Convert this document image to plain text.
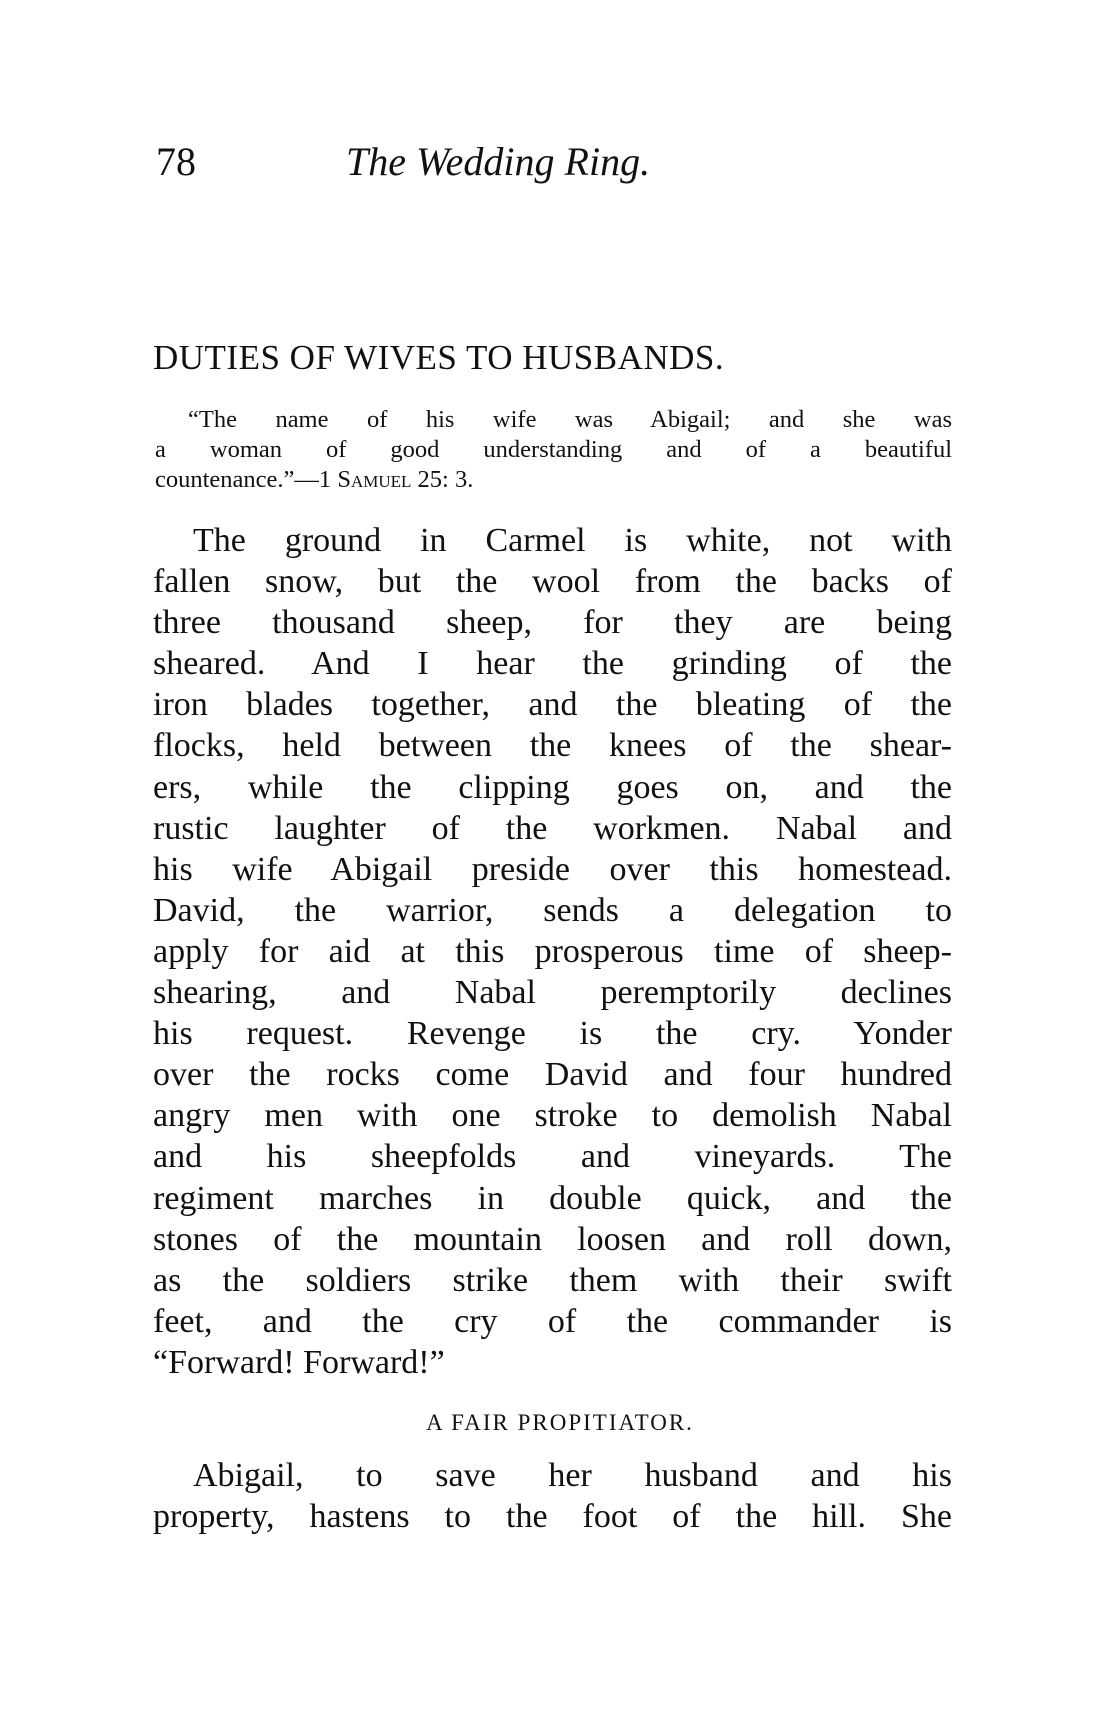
78	The Wedding Ring.
DUTIES OF WIVES TO HUSBANDS.
“The name of his wife was Abigail; and she was
a woman of good understanding and of a beautiful
countenance.”—1 Samuel 25: 3.
The ground in Carmel is white, not with
fallen snow, but the wool from the backs of
three thousand sheep, for they are being
sheared. And I hear the grinding of the
iron blades together, and the bleating of the
flocks, held between the knees of the shear-
ers, while the clipping goes on, and the
rustic laughter of the workmen. Nabal and
his wife Abigail preside over this homestead.
David, the warrior, sends a delegation to
apply for aid at this prosperous time of sheep-
shearing, and Nabal peremptorily declines
his request. Revenge is the cry. Yonder
over the rocks come David and four hundred
angry men with one stroke to demolish Nabal
and his sheepfolds and vineyards. The
regiment marches in double quick, and the
stones of the mountain loosen and roll down,
as the soldiers strike them with their swift
feet, and the cry of the commander is
“Forward! Forward!”
A FAIR PROPITIATOR.
Abigail, to save her husband and his
property, hastens to the foot of the hill. She
